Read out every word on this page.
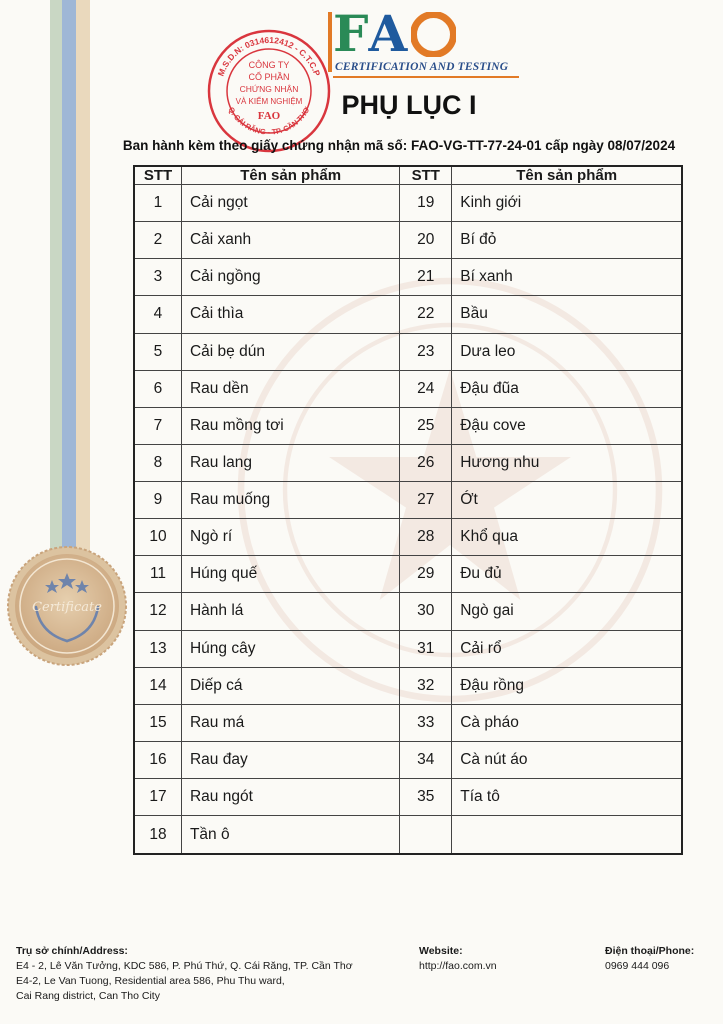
Certificate
F A	O
CERTIFICATION AND TESTING
M.S.D.N: 0314612412 - C.T.C.P
Q. CÁI RĂNG - TP. CẦN THƠ
CÔNG TY
CỔ PHẦN
CHỨNG NHẬN
VÀ KIỂM NGHIỆM
FAO	PHỤ LỤC I
Ban hành kèm theo giấy chứng nhận mã số: FAO-VG-TT-77-24-01 cấp ngày 08/07/2024
STT	Tên sản phẩm	STT	Tên sản phẩm
1	Cải ngọt	19	Kinh giới
2	Cải xanh	20	Bí đỏ
3	Cải ngồng	21	Bí xanh
4	Cải thìa	22	Bầu
5	Cải bẹ dún	23	Dưa leo
6	Rau dền	24	Đậu đũa
7	Rau mồng tơi	25	Đậu cove
8	Rau lang	26	Hương nhu
9	Rau muống	27	Ớt
10	Ngò rí	28	Khổ qua
11	Húng quế	29	Đu đủ
12	Hành lá	30	Ngò gai
13	Húng cây	31	Cải rổ
14	Diếp cá	32	Đậu rồng
15	Rau má	33	Cà pháo
16	Rau đay	34	Cà nút áo
17	Rau ngót	35	Tía tô
18	Tần ô		
Trụ sở chính/Address:
E4 - 2, Lê Văn Tưởng, KDC 586, P. Phú Thứ, Q. Cái Răng, TP. Cần Thơ
E4-2, Le Van Tuong, Residential area 586, Phu Thu ward,
Cai Rang district, Can Tho City
Website:
http://fao.com.vn
Điện thoại/Phone:
0969 444 096
